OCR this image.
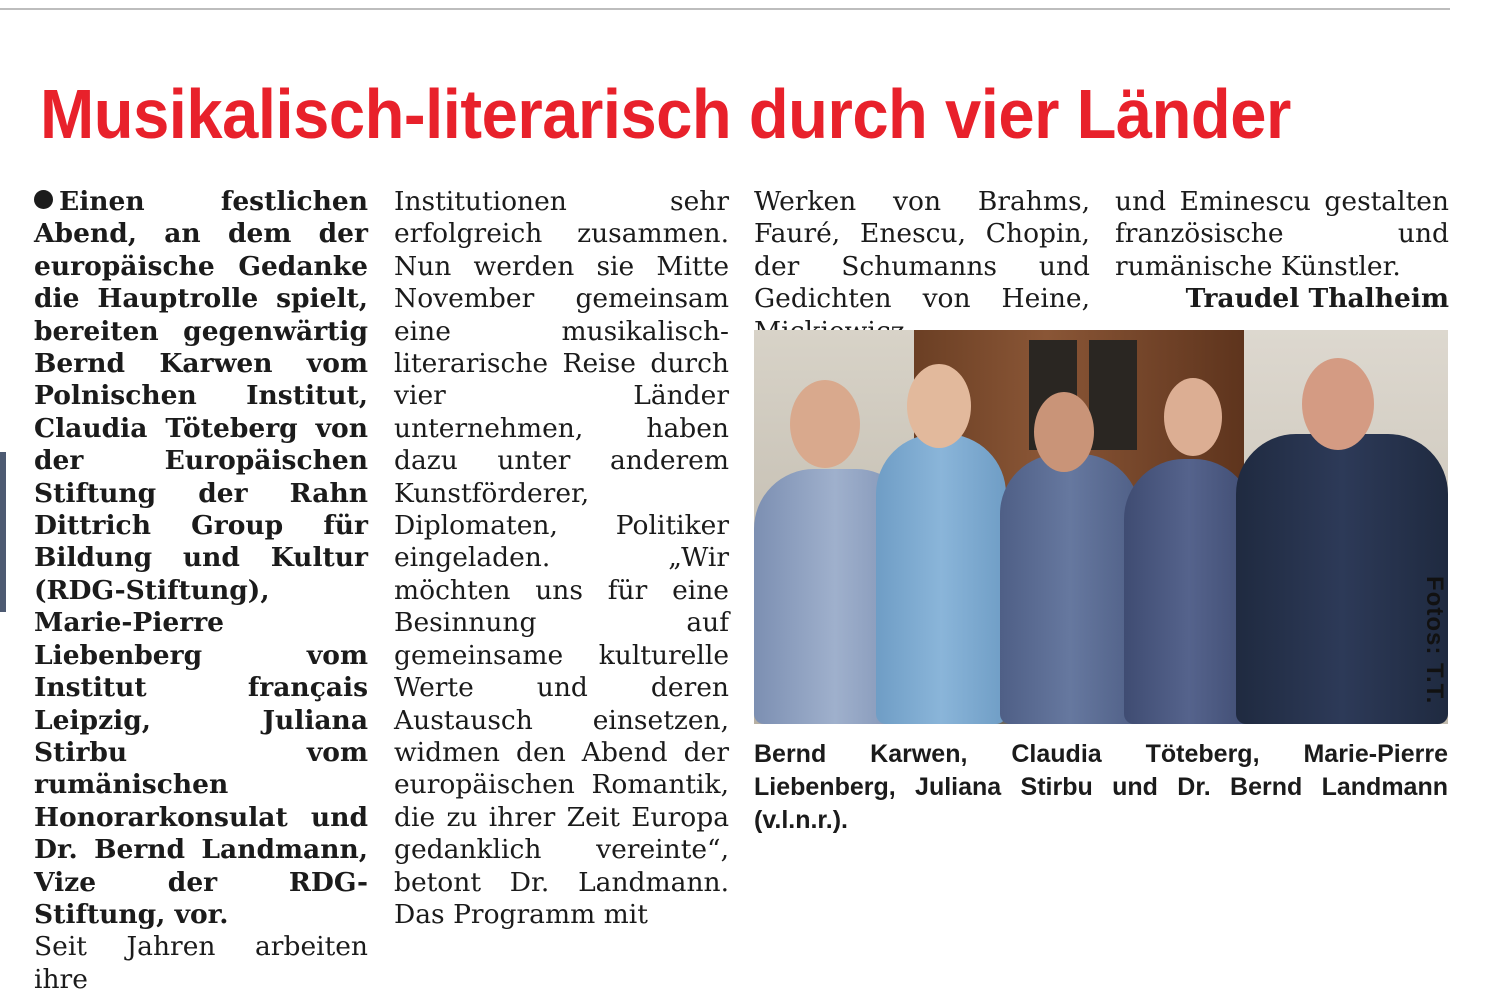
Musikalisch-literarisch durch vier Länder

Einen festlichen Abend, an dem der europäische Gedanke die Hauptrolle spielt, bereiten gegenwärtig Bernd Karwen vom Polnischen Institut, Claudia Töteberg von der Europäischen Stiftung der Rahn Dittrich Group für Bildung und Kultur (RDG-Stiftung), Marie-Pierre Liebenberg vom Institut français Leipzig, Juliana Stirbu vom rumänischen Honorarkonsulat und Dr. Bernd Landmann, Vize der RDG-Stiftung, vor.

Seit Jahren arbeiten ihre

Institutionen sehr erfolgreich zusammen. Nun werden sie Mitte November gemeinsam eine musikalisch-literarische Reise durch vier Länder unternehmen, haben dazu unter anderem Kunstförderer, Diplomaten, Politiker eingeladen. „Wir möchten uns für eine Besinnung auf gemeinsame kulturelle Werte und deren Austausch einsetzen, widmen den Abend der europäischen Romantik, die zu ihrer Zeit Europa gedanklich vereinte“, betont Dr. Landmann. Das Programm mit

Werken von Brahms, Fauré, Enescu, Chopin, der Schumanns und Gedichten von Heine,

und Eminescu gestalten französische und rumänische Künstler.

Traudel Thalheim

Fotos: T.T.
Bernd Karwen, Claudia Töteberg, Marie-Pierre Liebenberg, Juliana Stirbu und Dr. Bernd Landmann (v.l.n.r.).
